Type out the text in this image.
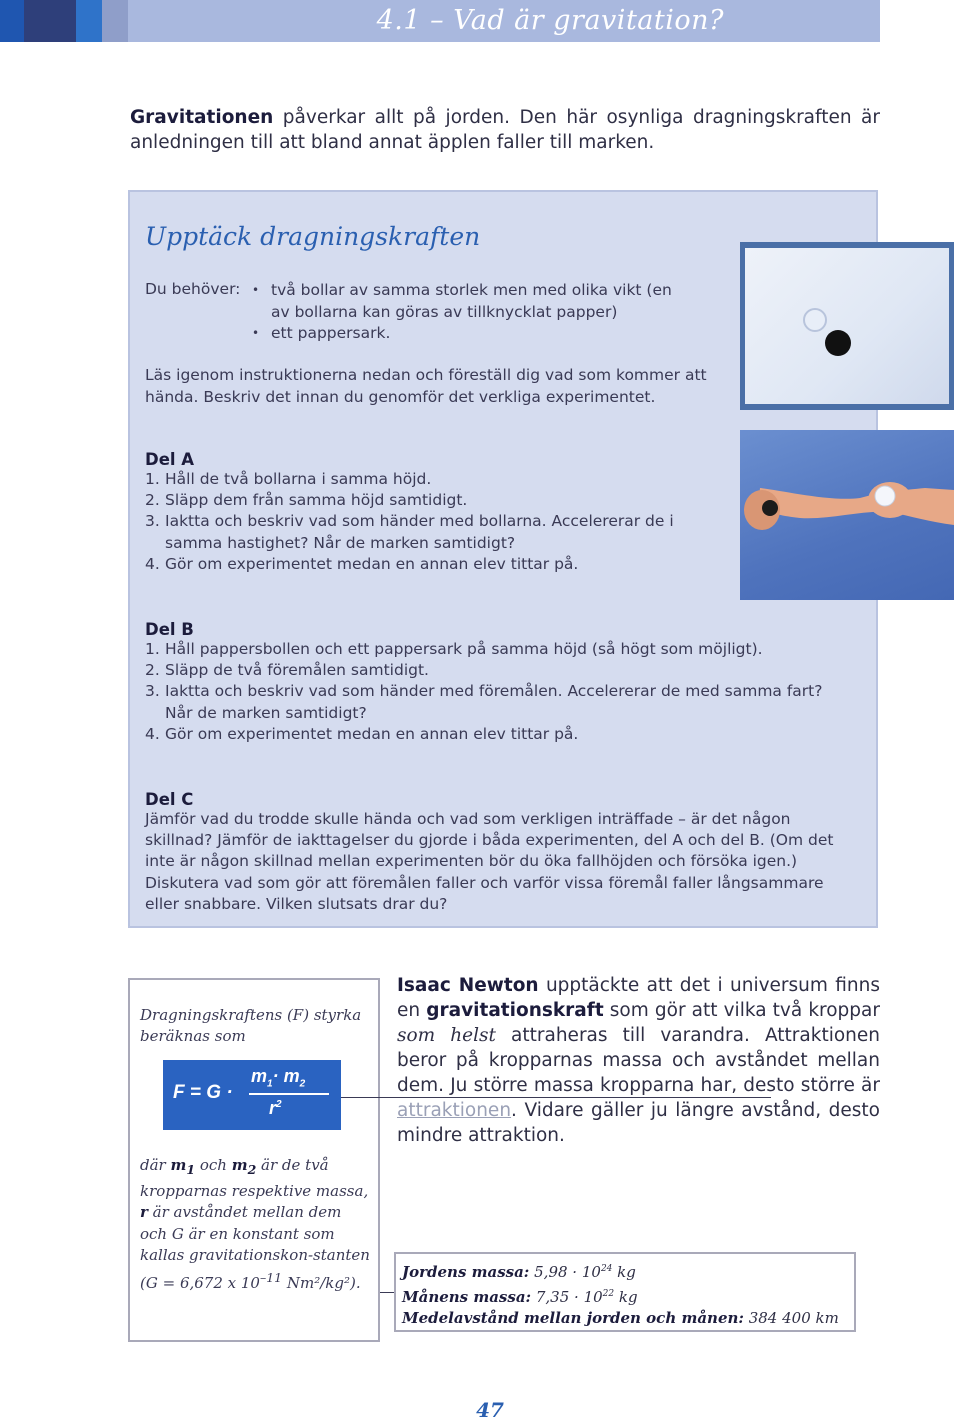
4.1 – Vad är gravitation?

Gravitationen påverkar allt på jorden. Den här osynliga dragningskraften är anledningen till att bland annat äpplen faller till marken.

Upptäck dragningskraften
Du behöver:
•	två bollar av samma storlek men med olika vikt (en av bollarna kan göras av tillknycklat papper)
• ett pappersark.
Läs igenom instruktionerna nedan och föreställ dig vad som kommer att hända. Beskriv det innan du genomför det verkliga experimentet.
Del A
1. Håll de två bollarna i samma höjd.
2. Släpp dem från samma höjd samtidigt.
3. Iaktta och beskriv vad som händer med bollarna. Accelererar de i samma hastighet? Når de marken samtidigt?
4. Gör om experimentet medan en annan elev tittar på.
Del B
1. Håll pappersbollen och ett pappersark på samma höjd (så högt som möjligt).
2. Släpp de två föremålen samtidigt.
3. Iaktta och beskriv vad som händer med föremålen. Accelererar de med samma fart? Når de marken samtidigt?
4. Gör om experimentet medan en annan elev tittar på.
Del C
Jämför vad du trodde skulle hända och vad som verkligen inträffade – är det någon skillnad? Jämför de iakttagelser du gjorde i båda experimenten, del A och del B. (Om det inte är någon skillnad mellan experimenten bör du öka fallhöjden och försöka igen.) Diskutera vad som gör att föremålen faller och varför vissa föremål faller långsammare eller snabbare. Vilken slutsats drar du?
Dragningskraftens (F) styrka beräknas som
F = G ·
$m_1\cdot m_2$
$r^2$
där $m_1$ och $m_2$ är de två kropparnas respektive massa, r är avståndet mellan dem och G är en konstant som kallas gravitationskon-stanten (G = 6,672 x $10^{-11}$ Nm²/kg²).

Isaac Newton upptäckte att det i universum finns en gravitationskraft som gör att vilka två kroppar som helst attraheras till varandra. Attraktionen beror på kropparnas massa och avståndet mellan dem. Ju större massa kropparna har, desto större är attraktionen. Vidare gäller ju längre avstånd, desto mindre attraktion.

Jordens massa: $5,98 \cdot 10^{24}$ kg
Månens massa: $7,35 \cdot 10^{22}$ kg
Medelavstånd mellan jorden och månen: 384 400 km
47
